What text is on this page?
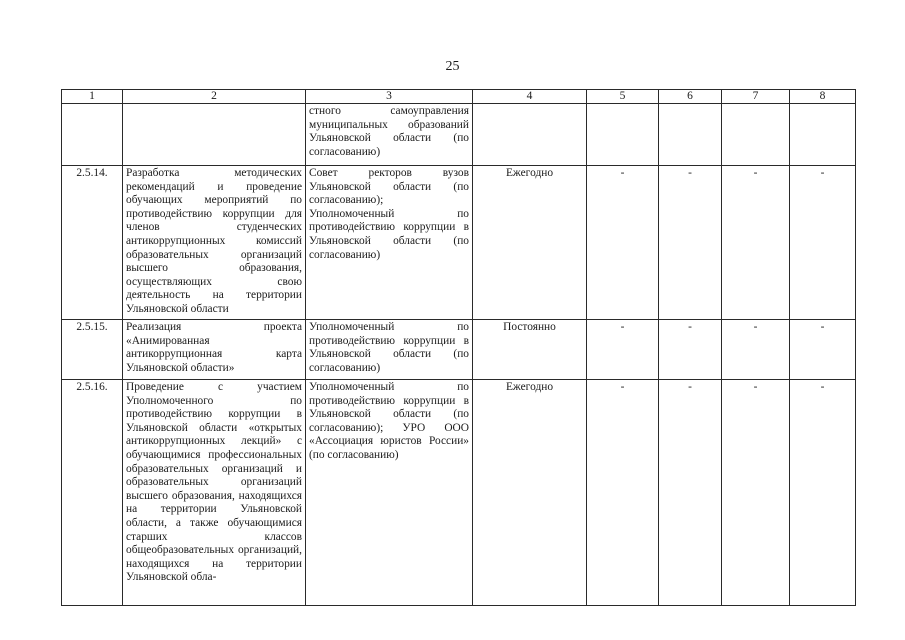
25
1	2	3	4	5	6	7	8
		стного самоуправления муниципальных образований Ульяновской области (по согласованию)					
2.5.14.	Разработка методических рекомендаций и проведение обучающих мероприятий по противодействию коррупции для членов студенческих антикоррупционных комиссий образовательных организаций высшего образования, осуществляющих свою деятельность на территории Ульяновской области	Совет ректоров вузов Ульяновской области (по согласованию); Уполномоченный по противодействию коррупции в Ульяновской области (по согласованию)	Ежегодно	-	-	-	-
2.5.15.	Реализация проекта «Анимированная антикоррупционная карта Ульяновской области»	Уполномоченный по противодействию коррупции в Ульяновской области (по согласованию)	Постоянно	-	-	-	-
2.5.16.	Проведение с участием Уполномоченного по противодействию коррупции в Ульяновской области «открытых антикоррупционных лекций» с обучающимися профессиональных образовательных организаций и образовательных организаций высшего образования, находящихся на территории Ульяновской области, а также обучающимися старших классов общеобразовательных организаций, находящихся на территории Ульяновской обла-	Уполномоченный по противодействию коррупции в Ульяновской области (по согласованию); УРО ООО «Ассоциация юристов России» (по согласованию)	Ежегодно	-	-	-	-
